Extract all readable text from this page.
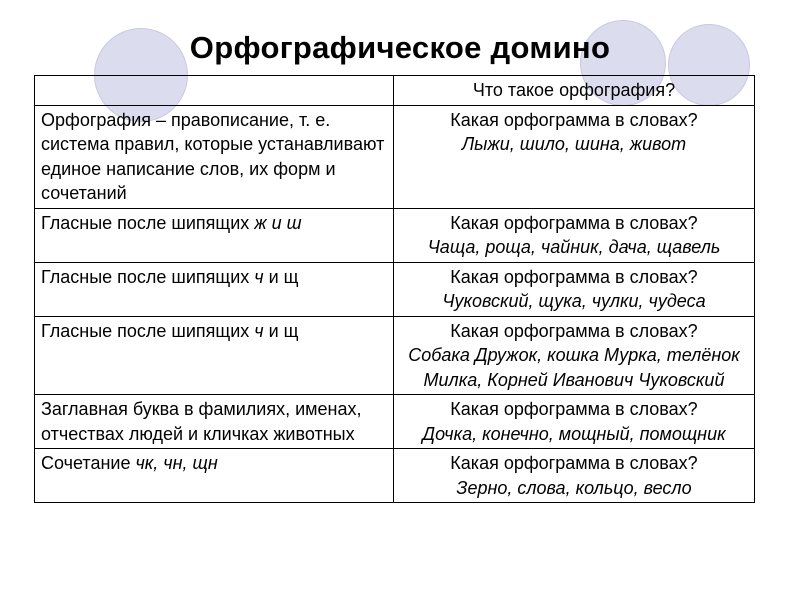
Орфографическое домино
	Что такое орфография?
Орфография – правописание, т. е. система правил, которые устанавливают единое написание слов, их форм и сочетаний	Какая орфограмма в словах?
Лыжи, шило, шина, живот

Гласные после шипящих ж и ш	Какая орфограмма в словах?
Чаща, роща, чайник, дача, щавель

Гласные после шипящих ч и щ	Какая орфограмма в словах?
Чуковский, щука, чулки, чудеса

Гласные после шипящих ч и щ	Какая орфограмма в словах?
Собака Дружок, кошка Мурка, телёнок Милка, Корней Иванович Чуковский

Заглавная буква в фамилиях, именах, отчествах людей и кличках животных	Какая орфограмма в словах?
Дочка, конечно, мощный, помощник

Сочетание чк, чн, щн	Какая орфограмма в словах?
Зерно, слова, кольцо, весло
